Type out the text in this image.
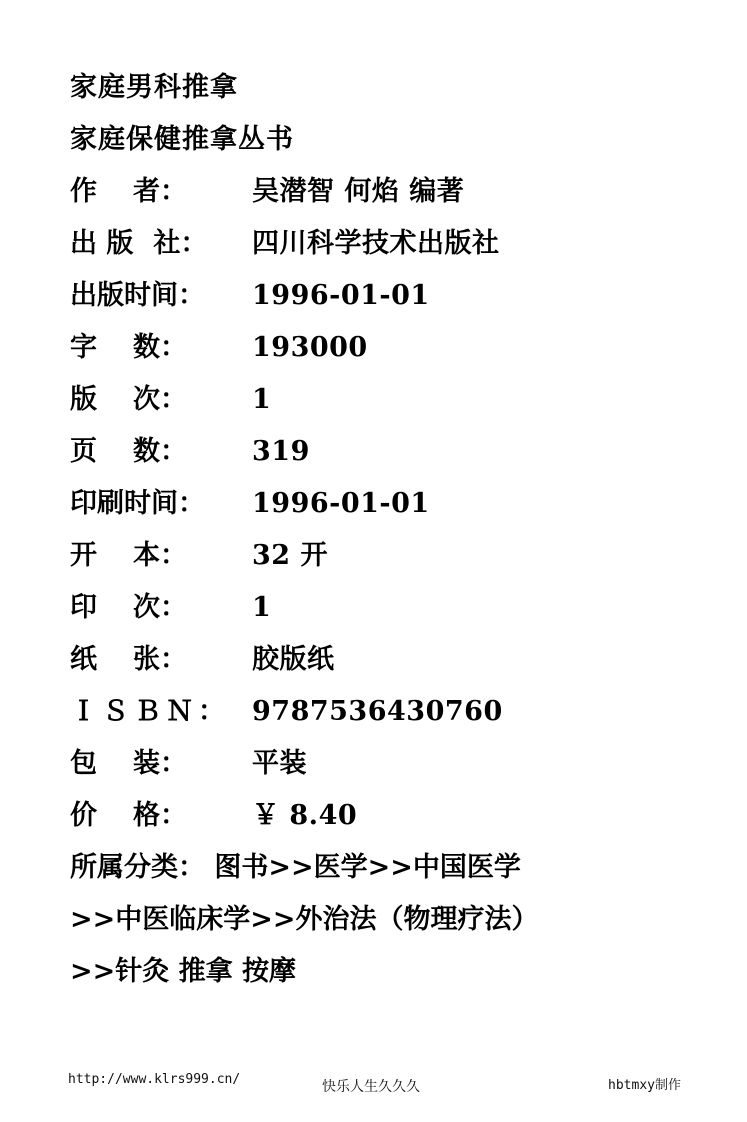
家庭男科推拿
家庭保健推拿丛书
作 者： 吴潜智 何焰 编著
出 版 社： 四川科学技术出版社
出版时间： 1996-01-01
字 数： 193000
版 次： 1
页 数： 319
印刷时间： 1996-01-01
开 本： 32 开
印 次： 1
纸 张： 胶版纸
ＩＳＢＮ： 9787536430760
包 装： 平装
价 格： ￥ 8.40
所属分类： 图书>>医学>>中国医学
>>中医临床学>>外治法（物理疗法）
>>针灸 推拿 按摩
http://www.klrs999.cn/	快乐人生久久久	hbtmxy制作
